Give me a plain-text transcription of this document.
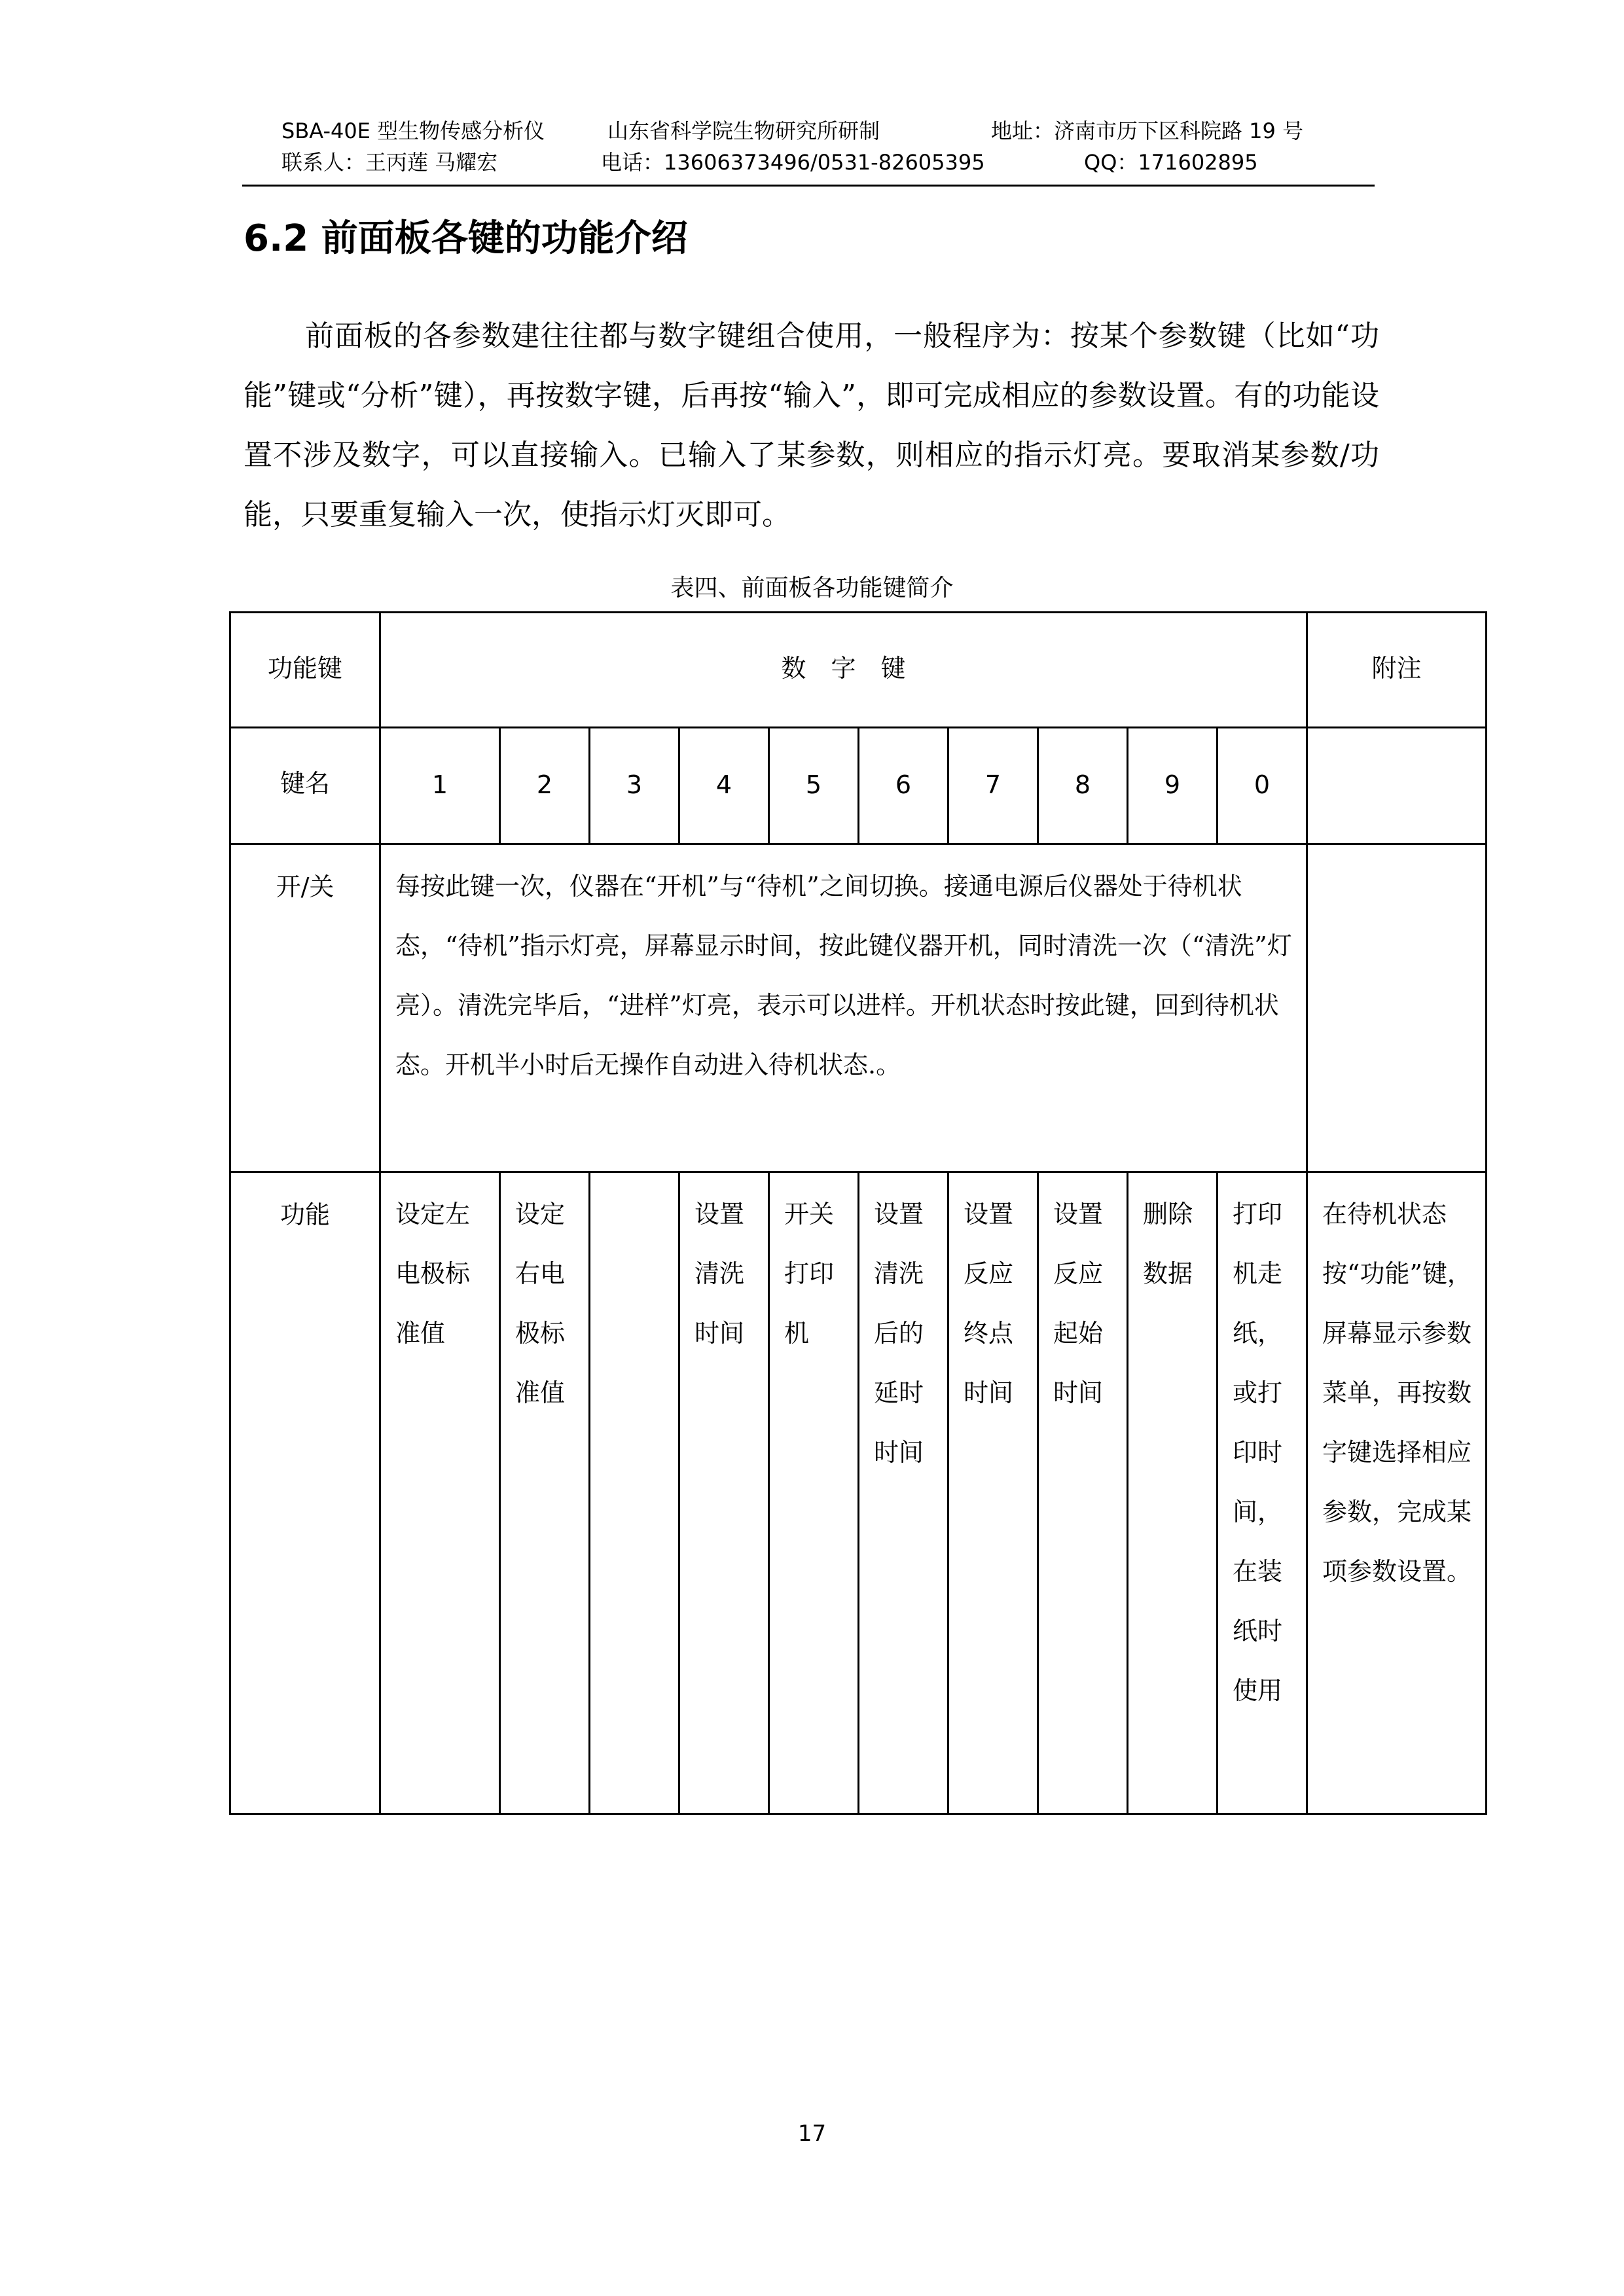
SBA-40E 型生物传感分析仪	山东省科学院生物研究所研制	地址：济南市历下区科院路 19 号
联系人：王丙莲 马耀宏	电话：13606373496/0531-82605395	QQ：171602895
6.2 前面板各键的功能介绍
前面板的各参数建往往都与数字键组合使用，一般程序为：按某个参数键（比如“功能”键或“分析”键），再按数字键，后再按“输入”，即可完成相应的参数设置。有的功能设置不涉及数字，可以直接输入。已输入了某参数，则相应的指示灯亮。要取消某参数/功能，只要重复输入一次，使指示灯灭即可。
表四、前面板各功能键简介
功能键	数　字　键										附注
键名	1	2	3	4	5	6	7	8	9	0	
开/关	每按此键一次，仪器在“开机”与“待机”之间切换。接通电源后仪器处于待机状态，“待机”指示灯亮，屏幕显示时间，按此键仪器开机，同时清洗一次（“清洗”灯亮）。清洗完毕后，“进样”灯亮，表示可以进样。开机状态时按此键，回到待机状态。开机半小时后无操作自动进入待机状态.。										
功能	设定左电极标准值	设定右电极标准值		设置清洗时间	开关打印机	设置清洗后的延时时间	设置反应终点时间	设置反应起始时间	删除数据	打印机走纸，或打印时间，在装纸时使用	在待机状态按“功能”键，屏幕显示参数菜单，再按数字键选择相应参数，完成某项参数设置。
17
